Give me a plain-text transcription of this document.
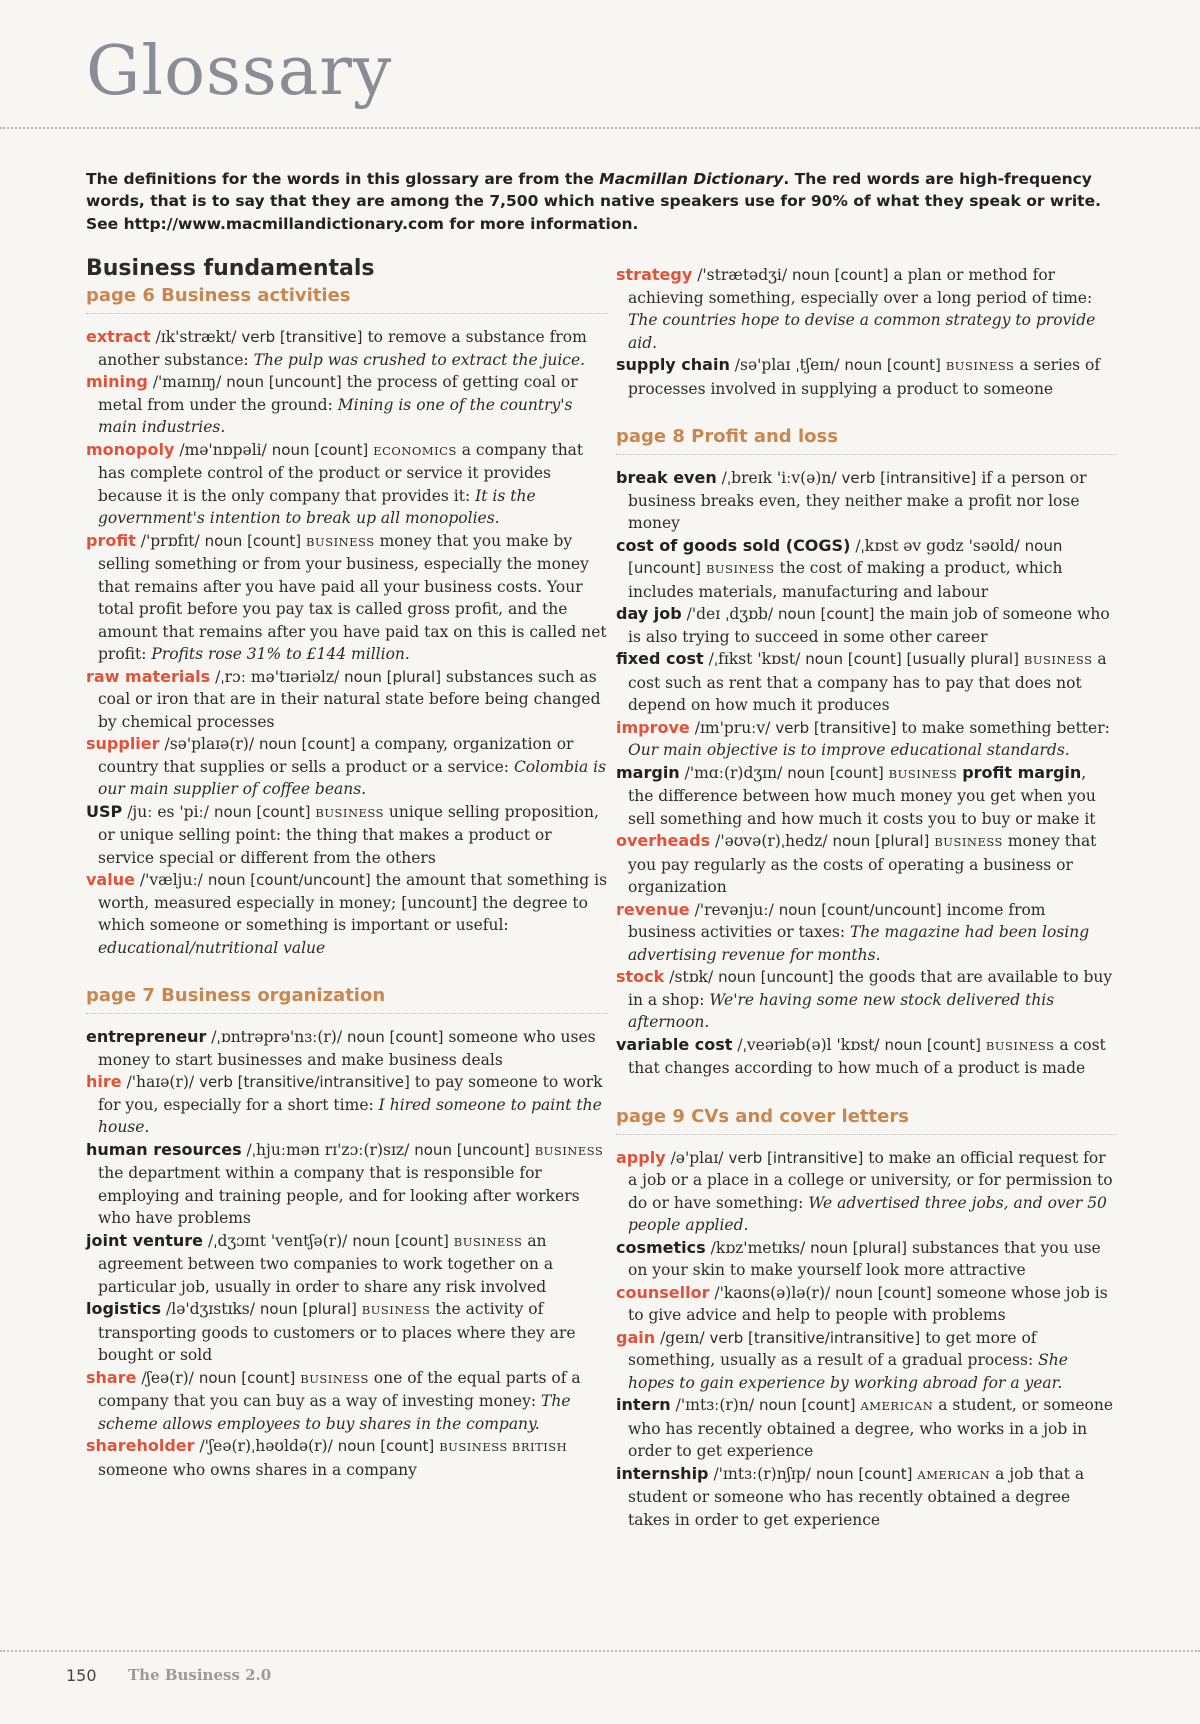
Glossary

The definitions for the words in this glossary are from the Macmillan Dictionary. The red words are high-frequency words, that is to say that they are among the 7,500 which native speakers use for 90% of what they speak or write. See http://www.macmillandictionary.com for more information.

Business fundamentals
page 6 Business activities

extract /ɪk'strækt/ verb [transitive] to remove a substance from another substance: The pulp was crushed to extract the juice.

mining /'maɪnɪŋ/ noun [uncount] the process of getting coal or metal from under the ground: Mining is one of the country's main industries.

monopoly /mə'nɒpəli/ noun [count] ECONOMICS a company that has complete control of the product or service it provides because it is the only company that provides it: It is the government's intention to break up all monopolies.

profit /'prɒfɪt/ noun [count] BUSINESS money that you make by selling something or from your business, especially the money that remains after you have paid all your business costs. Your total profit before you pay tax is called gross profit, and the amount that remains after you have paid tax on this is called net profit: Profits rose 31% to £144 million.

raw materials /ˌrɔː mə'tɪəriəlz/ noun [plural] substances such as coal or iron that are in their natural state before being changed by chemical processes

supplier /sə'plaɪə(r)/ noun [count] a company, organization or country that supplies or sells a product or a service: Colombia is our main supplier of coffee beans.

USP /juː es 'piː/ noun [count] BUSINESS unique selling proposition, or unique selling point: the thing that makes a product or service special or different from the others

value /'væljuː/ noun [count/uncount] the amount that something is worth, measured especially in money; [uncount] the degree to which someone or something is important or useful: educational/nutritional value

page 7 Business organization

entrepreneur /ˌɒntrəprə'nɜː(r)/ noun [count] someone who uses money to start businesses and make business deals

hire /'haɪə(r)/ verb [transitive/intransitive] to pay someone to work for you, especially for a short time: I hired someone to paint the house.

human resources /ˌhjuːmən rɪ'zɔː(r)sɪz/ noun [uncount] BUSINESS the department within a company that is responsible for employing and training people, and for looking after workers who have problems

joint venture /ˌdʒɔɪnt 'ventʃə(r)/ noun [count] BUSINESS an agreement between two companies to work together on a particular job, usually in order to share any risk involved

logistics /lə'dʒɪstɪks/ noun [plural] BUSINESS the activity of transporting goods to customers or to places where they are bought or sold

share /ʃeə(r)/ noun [count] BUSINESS one of the equal parts of a company that you can buy as a way of investing money: The scheme allows employees to buy shares in the company.

shareholder /'ʃeə(r)ˌhəʊldə(r)/ noun [count] BUSINESS BRITISH someone who owns shares in a company

strategy /'strætədʒi/ noun [count] a plan or method for achieving something, especially over a long period of time: The countries hope to devise a common strategy to provide aid.

supply chain /sə'plaɪ ˌtʃeɪn/ noun [count] BUSINESS a series of processes involved in supplying a product to someone

page 8 Profit and loss

break even /ˌbreɪk 'iːv(ə)n/ verb [intransitive] if a person or business breaks even, they neither make a profit nor lose money

cost of goods sold (COGS) /ˌkɒst əv gʊdz 'səʊld/ noun [uncount] BUSINESS the cost of making a product, which includes materials, manufacturing and labour

day job /'deɪ ˌdʒɒb/ noun [count] the main job of someone who is also trying to succeed in some other career

fixed cost /ˌfɪkst 'kɒst/ noun [count] [usually plural] BUSINESS a cost such as rent that a company has to pay that does not depend on how much it produces

improve /ɪm'pruːv/ verb [transitive] to make something better: Our main objective is to improve educational standards.

margin /'mɑː(r)dʒɪn/ noun [count] BUSINESS profit margin, the difference between how much money you get when you sell something and how much it costs you to buy or make it

overheads /'əʊvə(r)ˌhedz/ noun [plural] BUSINESS money that you pay regularly as the costs of operating a business or organization

revenue /'revənjuː/ noun [count/uncount] income from business activities or taxes: The magazine had been losing advertising revenue for months.

stock /stɒk/ noun [uncount] the goods that are available to buy in a shop: We're having some new stock delivered this afternoon.

variable cost /ˌveəriəb(ə)l 'kɒst/ noun [count] BUSINESS a cost that changes according to how much of a product is made

page 9 CVs and cover letters

apply /ə'plaɪ/ verb [intransitive] to make an official request for a job or a place in a college or university, or for permission to do or have something: We advertised three jobs, and over 50 people applied.

cosmetics /kɒz'metɪks/ noun [plural] substances that you use on your skin to make yourself look more attractive

counsellor /'kaʊns(ə)lə(r)/ noun [count] someone whose job is to give advice and help to people with problems

gain /geɪn/ verb [transitive/intransitive] to get more of something, usually as a result of a gradual process: She hopes to gain experience by working abroad for a year.

intern /'ɪntɜː(r)n/ noun [count] AMERICAN a student, or someone who has recently obtained a degree, who works in a job in order to get experience

internship /'ɪntɜː(r)nʃɪp/ noun [count] AMERICAN a job that a student or someone who has recently obtained a degree takes in order to get experience

150 The Business 2.0
